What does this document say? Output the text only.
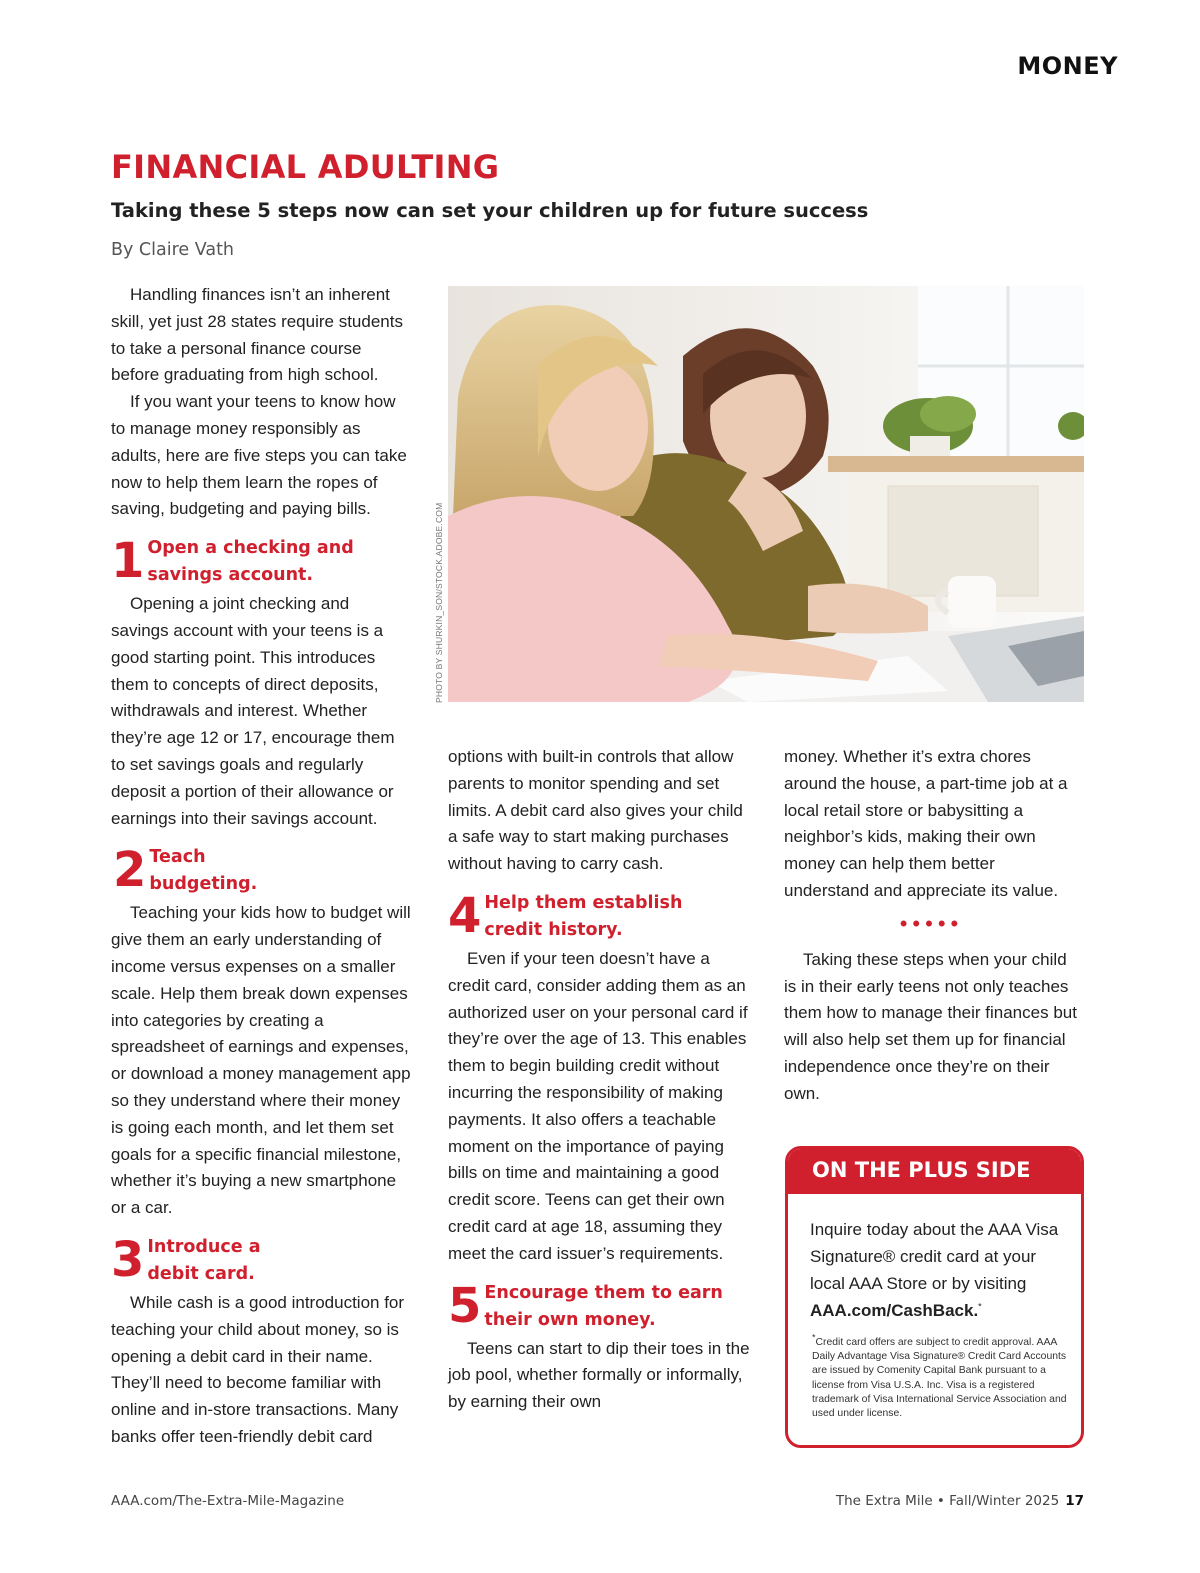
MONEY
FINANCIAL ADULTING
Taking these 5 steps now can set your children up for future success
By Claire Vath

Handling finances isn’t an inherent skill, yet just 28 states require students to take a personal finance course before graduating from high school.

If you want your teens to know how to manage money responsibly as adults, here are five steps you can take now to help them learn the ropes of saving, budgeting and paying bills.

1 Open a checking and
savings account.

Opening a joint checking and savings account with your teens is a good starting point. This introduces them to concepts of direct deposits, withdrawals and interest. Whether they’re age 12 or 17, encourage them to set savings goals and regularly deposit a portion of their allowance or earnings into their savings account.

2 Teach
budgeting.

Teaching your kids how to budget will give them an early understanding of income versus expenses on a smaller scale. Help them break down expenses into categories by creating a spreadsheet of earnings and expenses, or download a money management app so they understand where their money is going each month, and let them set goals for a specific financial milestone, whether it’s buying a new smartphone or a car.

3 Introduce a
debit card.

While cash is a good introduction for teaching your child about money, so is opening a debit card in their name. They’ll need to become familiar with online and in-store transactions. Many banks offer teen-friendly debit card

PHOTO BY SHURKIN_SON/STOCK.ADOBE.COM

options with built-in controls that allow parents to monitor spending and set limits. A debit card also gives your child a safe way to start making purchases without having to carry cash.

4 Help them establish
credit history.

Even if your teen doesn’t have a credit card, consider adding them as an authorized user on your personal card if they’re over the age of 13. This enables them to begin building credit without incurring the responsibility of making payments. It also offers a teachable moment on the importance of paying bills on time and maintaining a good credit score. Teens can get their own credit card at age 18, assuming they meet the card issuer’s requirements.

5 Encourage them to earn
their own money.

Teens can start to dip their toes in the job pool, whether formally or informally, by earning their own

money. Whether it’s extra chores around the house, a part-time job at a local retail store or babysitting a neighbor’s kids, making their own money can help them better understand and appreciate its value.

•••••

Taking these steps when your child is in their early teens not only teaches them how to manage their finances but will also help set them up for financial independence once they’re on their own.

ON THE PLUS SIDE
Inquire today about the AAA Visa Signature® credit card at your local AAA Store or by visiting AAA.com/CashBack.*
*Credit card offers are subject to credit approval. AAA Daily Advantage Visa Signature® Credit Card Accounts are issued by Comenity Capital Bank pursuant to a license from Visa U.S.A. Inc. Visa is a registered trademark of Visa International Service Association and used under license.
AAA.com/The-Extra-Mile-Magazine	The Extra Mile • Fall/Winter 2025 17
